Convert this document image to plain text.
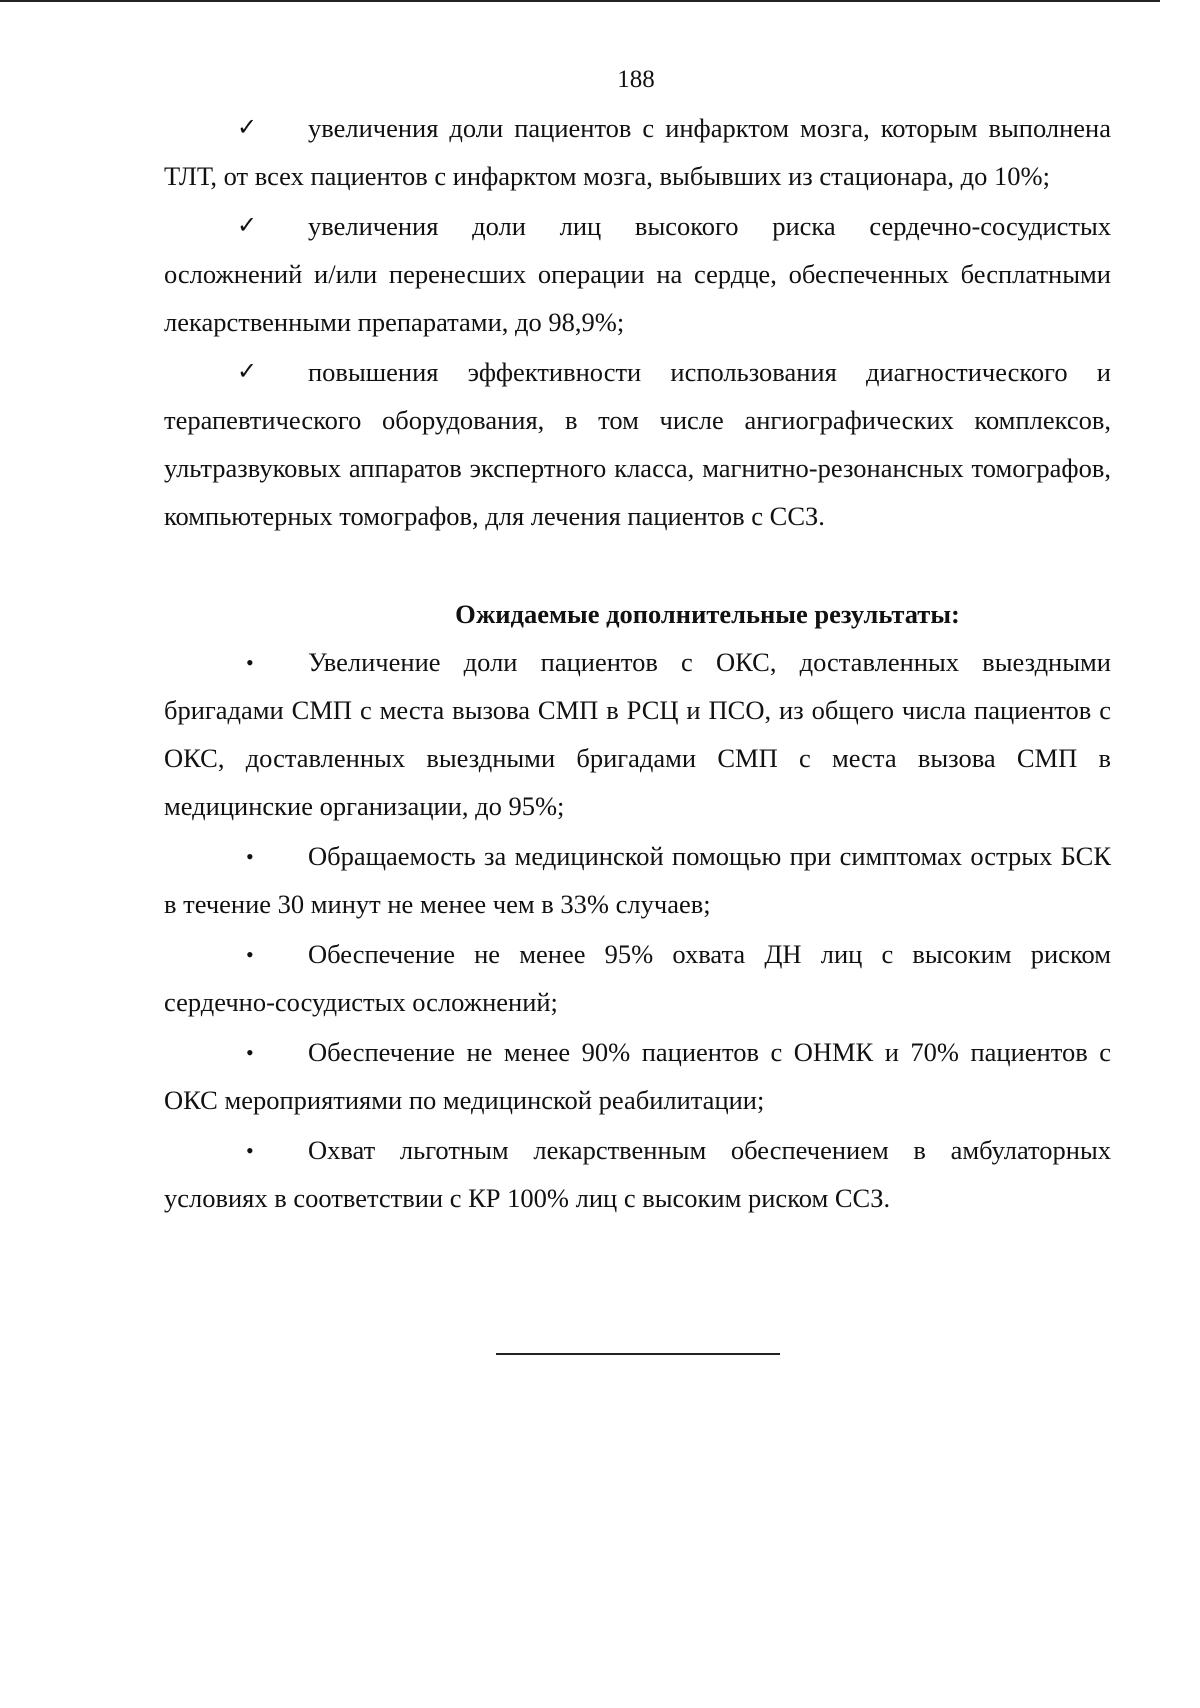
188

✓ увеличения доли пациентов с инфарктом мозга, которым выполнена ТЛТ, от всех пациентов с инфарктом мозга, выбывших из стационара, до 10%;

✓ увеличения доли лиц высокого риска сердечно-сосудистых осложнений и/или перенесших операции на сердце, обеспеченных бесплатными лекарственными препаратами, до 98,9%;

✓ повышения эффективности использования диагностического и терапевтического оборудования, в том числе ангиографических комплексов, ультразвуковых аппаратов экспертного класса, магнитно-резонансных томографов, компьютерных томографов, для лечения пациентов с ССЗ.

Ожидаемые дополнительные результаты:

• Увеличение доли пациентов с ОКС, доставленных выездными бригадами СМП с места вызова СМП в РСЦ и ПСО, из общего числа пациентов с ОКС, доставленных выездными бригадами СМП с места вызова СМП в медицинские организации, до 95%;

• Обращаемость за медицинской помощью при симптомах острых БСК в течение 30 минут не менее чем в 33% случаев;

• Обеспечение не менее 95% охвата ДН лиц с высоким риском сердечно-сосудистых осложнений;

• Обеспечение не менее 90% пациентов с ОНМК и 70% пациентов с ОКС мероприятиями по медицинской реабилитации;

• Охват льготным лекарственным обеспечением в амбулаторных условиях в соответствии с КР 100% лиц с высоким риском ССЗ.
